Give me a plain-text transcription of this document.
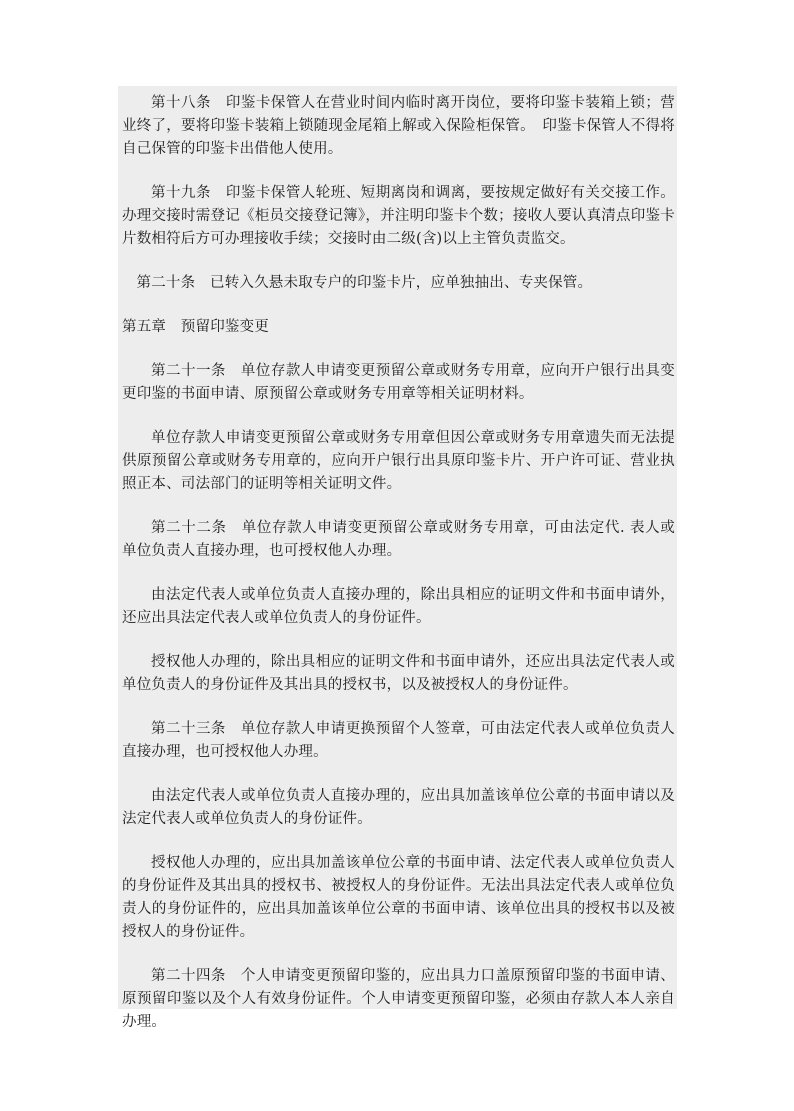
第十八条　印鉴卡保管人在营业时间内临时离开岗位，要将印鉴卡装箱上锁；营业终了，要将印鉴卡装箱上锁随现金尾箱上解或入保险柜保管。　印鉴卡保管人不得将自己保管的印鉴卡出借他人使用。

第十九条　印鉴卡保管人轮班、短期离岗和调离，要按规定做好有关交接工作。办理交接时需登记《柜员交接登记簿》，并注明印鉴卡个数；接收人要认真清点印鉴卡片数相符后方可办理接收手续；交接时由二级(含)以上主管负责监交。

第二十条　已转入久悬未取专户的印鉴卡片，应单独抽出、专夹保管。

第五章　预留印鉴变更

第二十一条　单位存款人申请变更预留公章或财务专用章，应向开户银行出具变更印鉴的书面申请、原预留公章或财务专用章等相关证明材料。

单位存款人申请变更预留公章或财务专用章但因公章或财务专用章遗失而无法提供原预留公章或财务专用章的，应向开户银行出具原印鉴卡片、开户许可证、营业执照正本、司法部门的证明等相关证明文件。

第二十二条　单位存款人申请变更预留公章或财务专用章，可由法定代. 表人或单位负责人直接办理，也可授权他人办理。

由法定代表人或单位负责人直接办理的，除出具相应的证明文件和书面申请外，还应出具法定代表人或单位负责人的身份证件。

授权他人办理的，除出具相应的证明文件和书面申请外，还应出具法定代表人或单位负责人的身份证件及其出具的授权书，以及被授权人的身份证件。

第二十三条　单位存款人申请更换预留个人签章，可由法定代表人或单位负责人直接办理，也可授权他人办理。

由法定代表人或单位负责人直接办理的，应出具加盖该单位公章的书面申请以及法定代表人或单位负责人的身份证件。

授权他人办理的，应出具加盖该单位公章的书面申请、法定代表人或单位负责人的身份证件及其出具的授权书、被授权人的身份证件。无法出具法定代表人或单位负责人的身份证件的，应出具加盖该单位公章的书面申请、该单位出具的授权书以及被授权人的身份证件。

第二十四条　个人申请变更预留印鉴的，应出具力口盖原预留印鉴的书面申请、原预留印鉴以及个人有效身份证件。个人申请变更预留印鉴，必须由存款人本人亲自办理。
